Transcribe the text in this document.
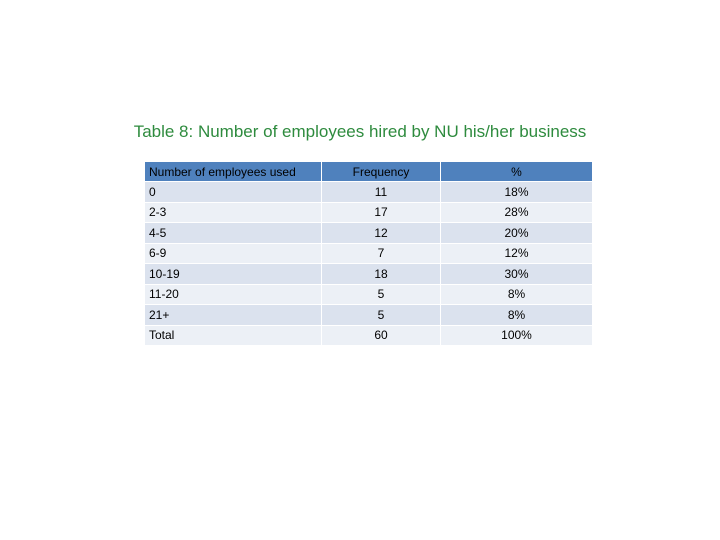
Table 8: Number of employees hired by NU his/her business
Number of employees used	Frequency	%
0	11	18%
2-3	17	28%
4-5	12	20%
6-9	7	12%
10-19	18	30%
11-20	5	8%
21+	5	8%
Total	60	100%
